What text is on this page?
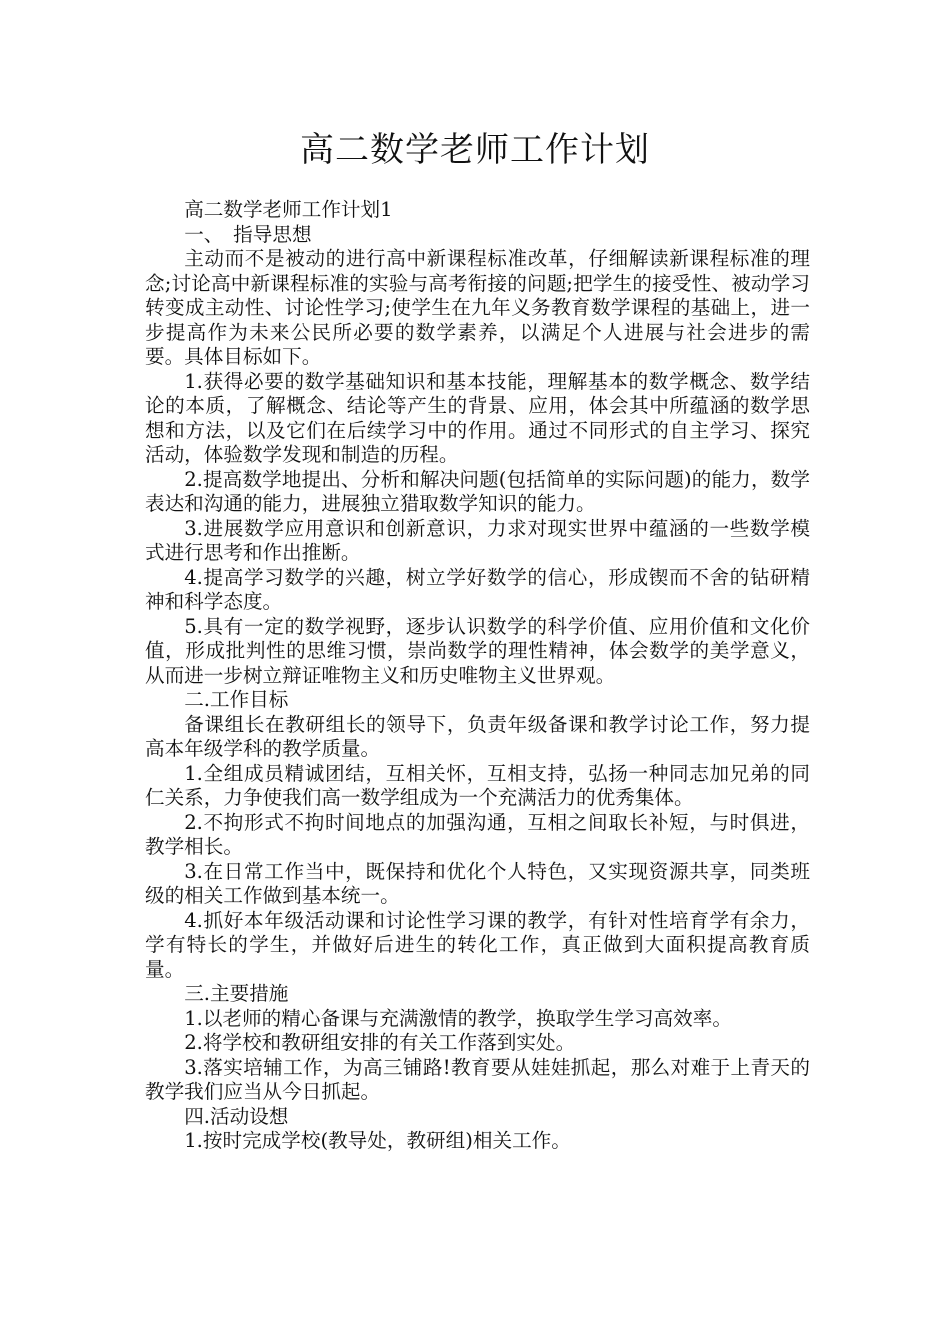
高二数学老师工作计划

高二数学老师工作计划1

一、　指导思想

主动而不是被动的进行高中新课程标准改革，仔细解读新课程标准的理念;讨论高中新课程标准的实验与高考衔接的问题;把学生的接受性、被动学习转变成主动性、讨论性学习;使学生在九年义务教育数学课程的基础上，进一步提高作为未来公民所必要的数学素养，以满足个人进展与社会进步的需要。具体目标如下。

1.获得必要的数学基础知识和基本技能，理解基本的数学概念、数学结论的本质，了解概念、结论等产生的背景、应用，体会其中所蕴涵的数学思想和方法，以及它们在后续学习中的作用。通过不同形式的自主学习、探究活动，体验数学发现和制造的历程。

2.提高数学地提出、分析和解决问题(包括简单的实际问题)的能力，数学表达和沟通的能力，进展独立猎取数学知识的能力。

3.进展数学应用意识和创新意识，力求对现实世界中蕴涵的一些数学模式进行思考和作出推断。

4.提高学习数学的兴趣，树立学好数学的信心，形成锲而不舍的钻研精神和科学态度。

5.具有一定的数学视野，逐步认识数学的科学价值、应用价值和文化价值，形成批判性的思维习惯，崇尚数学的理性精神，体会数学的美学意义，从而进一步树立辩证唯物主义和历史唯物主义世界观。

二.工作目标

备课组长在教研组长的领导下，负责年级备课和教学讨论工作，努力提高本年级学科的教学质量。

1.全组成员精诚团结，互相关怀，互相支持，弘扬一种同志加兄弟的同仁关系，力争使我们高一数学组成为一个充满活力的优秀集体。

2.不拘形式不拘时间地点的加强沟通，互相之间取长补短，与时俱进，教学相长。

3.在日常工作当中，既保持和优化个人特色，又实现资源共享，同类班级的相关工作做到基本统一。

4.抓好本年级活动课和讨论性学习课的教学，有针对性培育学有余力，学有特长的学生，并做好后进生的转化工作，真正做到大面积提高教育质量。

三.主要措施

1.以老师的精心备课与充满激情的教学，换取学生学习高效率。

2.将学校和教研组安排的有关工作落到实处。

3.落实培辅工作，为高三铺路!教育要从娃娃抓起，那么对难于上青天的教学我们应当从今日抓起。

四.活动设想

1.按时完成学校(教导处，教研组)相关工作。
